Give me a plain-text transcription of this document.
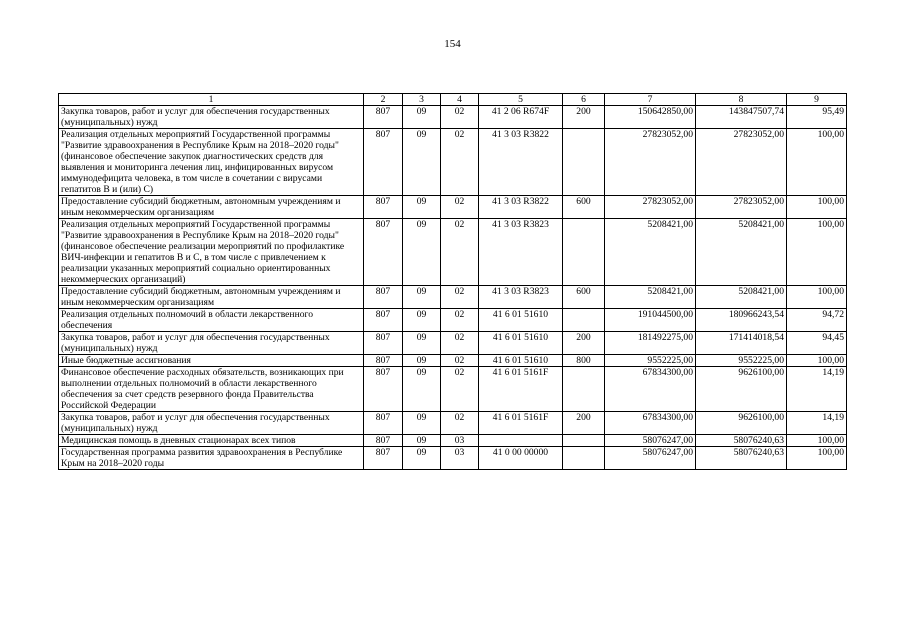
154
1	2	3	4	5	6	7	8	9
Закупка товаров, работ и услуг для обеспечения государственных (муниципальных) нужд	807	09	02	41 2 06 R674F	200	150642850,00	143847507,74	95,49
Реализация отдельных мероприятий Государственной программы "Развитие здравоохранения в Республике Крым на 2018–2020 годы" (финансовое обеспечение закупок диагностических средств для выявления и мониторинга лечения лиц, инфицированных вирусом иммунодефицита человека, в том числе в сочетании с вирусами гепатитов В и (или) С)	807	09	02	41 3 03 R3822		27823052,00	27823052,00	100,00
Предоставление субсидий бюджетным, автономным учреждениям и иным некоммерческим организациям	807	09	02	41 3 03 R3822	600	27823052,00	27823052,00	100,00
Реализация отдельных мероприятий Государственной программы "Развитие здравоохранения в Республике Крым на 2018–2020 годы" (финансовое обеспечение реализации мероприятий по профилактике ВИЧ-инфекции и гепатитов В и С, в том числе с привлечением к реализации указанных мероприятий социально ориентированных некоммерческих организаций)	807	09	02	41 3 03 R3823		5208421,00	5208421,00	100,00
Предоставление субсидий бюджетным, автономным учреждениям и иным некоммерческим организациям	807	09	02	41 3 03 R3823	600	5208421,00	5208421,00	100,00
Реализация отдельных полномочий в области лекарственного обеспечения	807	09	02	41 6 01 51610		191044500,00	180966243,54	94,72
Закупка товаров, работ и услуг для обеспечения государственных (муниципальных) нужд	807	09	02	41 6 01 51610	200	181492275,00	171414018,54	94,45
Иные бюджетные ассигнования	807	09	02	41 6 01 51610	800	9552225,00	9552225,00	100,00
Финансовое обеспечение расходных обязательств, возникающих при выполнении отдельных полномочий в области лекарственного обеспечения за счет средств резервного фонда Правительства Российской Федерации	807	09	02	41 6 01 5161F		67834300,00	9626100,00	14,19
Закупка товаров, работ и услуг для обеспечения государственных (муниципальных) нужд	807	09	02	41 6 01 5161F	200	67834300,00	9626100,00	14,19
Медицинская помощь в дневных стационарах всех типов	807	09	03			58076247,00	58076240,63	100,00
Государственная программа развития здравоохранения в Республике Крым на 2018–2020 годы	807	09	03	41 0 00 00000		58076247,00	58076240,63	100,00
